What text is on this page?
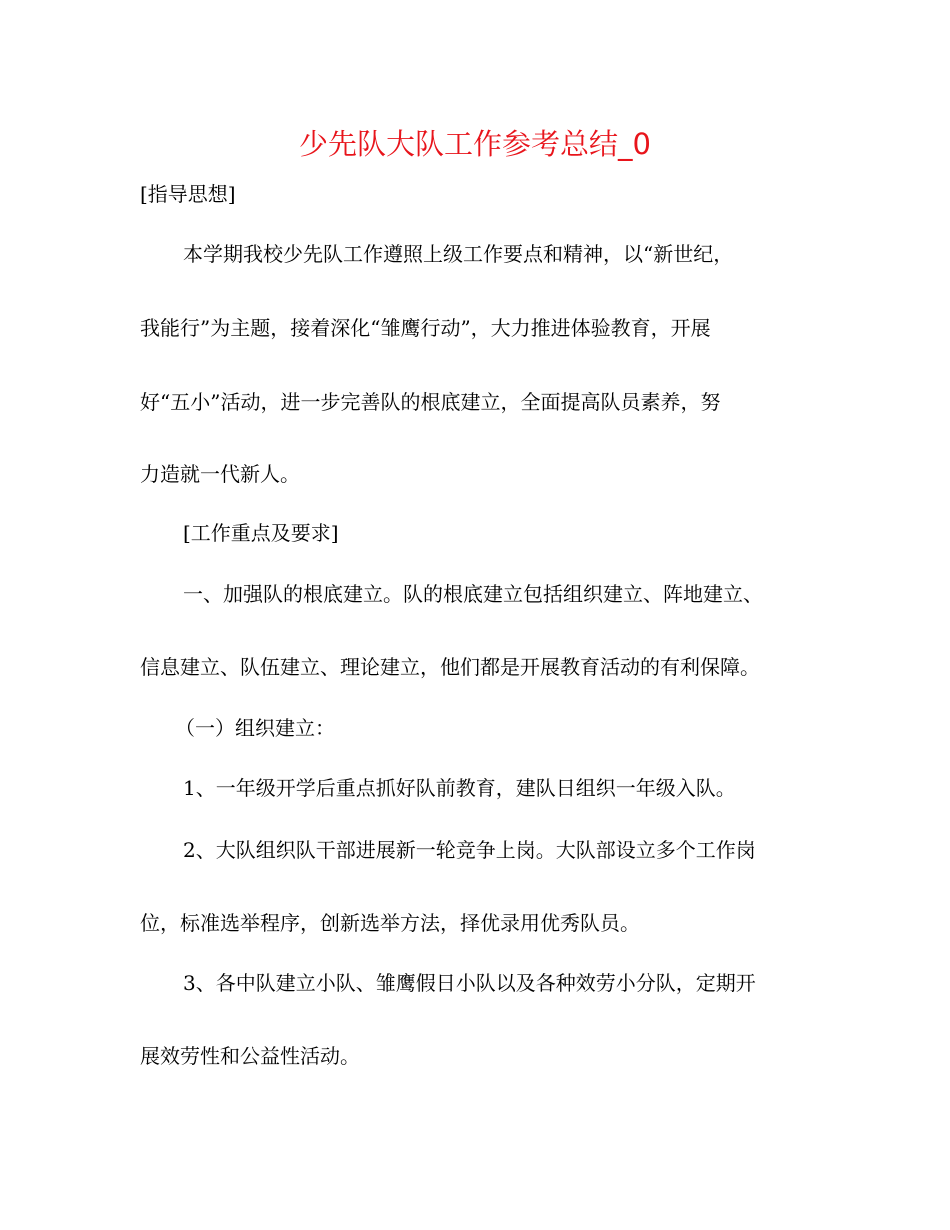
少先队大队工作参考总结_0

[指导思想]

本学期我校少先队工作遵照上级工作要点和精神，以“新世纪，

我能行”为主题，接着深化“雏鹰行动”，大力推进体验教育，开展

好“五小”活动，进一步完善队的根底建立，全面提高队员素养，努

力造就一代新人。

[工作重点及要求]

一、加强队的根底建立。队的根底建立包括组织建立、阵地建立、

信息建立、队伍建立、理论建立，他们都是开展教育活动的有利保障。

（一）组织建立：

1、一年级开学后重点抓好队前教育，建队日组织一年级入队。

2、大队组织队干部进展新一轮竞争上岗。大队部设立多个工作岗

位，标准选举程序，创新选举方法，择优录用优秀队员。

3、各中队建立小队、雏鹰假日小队以及各种效劳小分队，定期开

展效劳性和公益性活动。
